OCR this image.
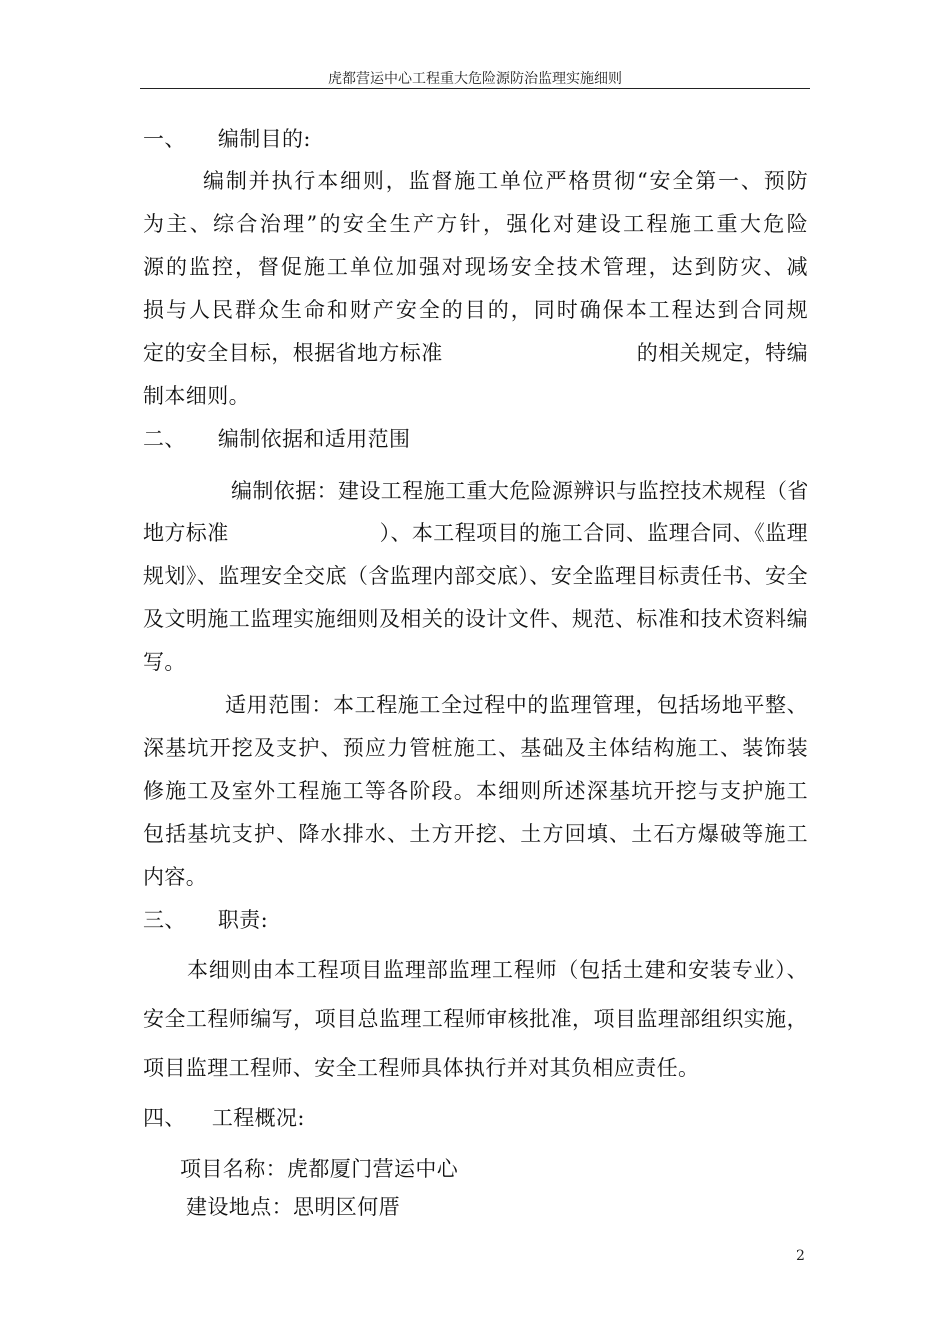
虎都营运中心工程重大危险源防治监理实施细则
一、 编制目的:
编制并执行本细则，监督施工单位严格贯彻“安全第一、预防
为主、综合治理”的安全生产方针，强化对建设工程施工重大危险
源的监控，督促施工单位加强对现场安全技术管理，达到防灾、减
损与人民群众生命和财产安全的目的，同时确保本工程达到合同规
定的安全目标，根据省地方标准	的相关规定，特编
制本细则。
二、 编制依据和适用范围
编制依据：建设工程施工重大危险源辨识与监控技术规程（省
地方标准	）、本工程项目的施工合同、监理合同、《监理
规划》、监理安全交底（含监理内部交底）、安全监理目标责任书、安全
及文明施工监理实施细则及相关的设计文件、规范、标准和技术资料编
写。
适用范围：本工程施工全过程中的监理管理，包括场地平整、
深基坑开挖及支护、预应力管桩施工、基础及主体结构施工、装饰装
修施工及室外工程施工等各阶段。本细则所述深基坑开挖与支护施工
包括基坑支护、降水排水、土方开挖、土方回填、土石方爆破等施工
内容。
三、 职责:
本细则由本工程项目监理部监理工程师（包括土建和安装专业）、
安全工程师编写，项目总监理工程师审核批准，项目监理部组织实施，
项目监理工程师、安全工程师具体执行并对其负相应责任。
四、 工程概况:
项目名称：虎都厦门营运中心
建设地点：思明区何厝
2
